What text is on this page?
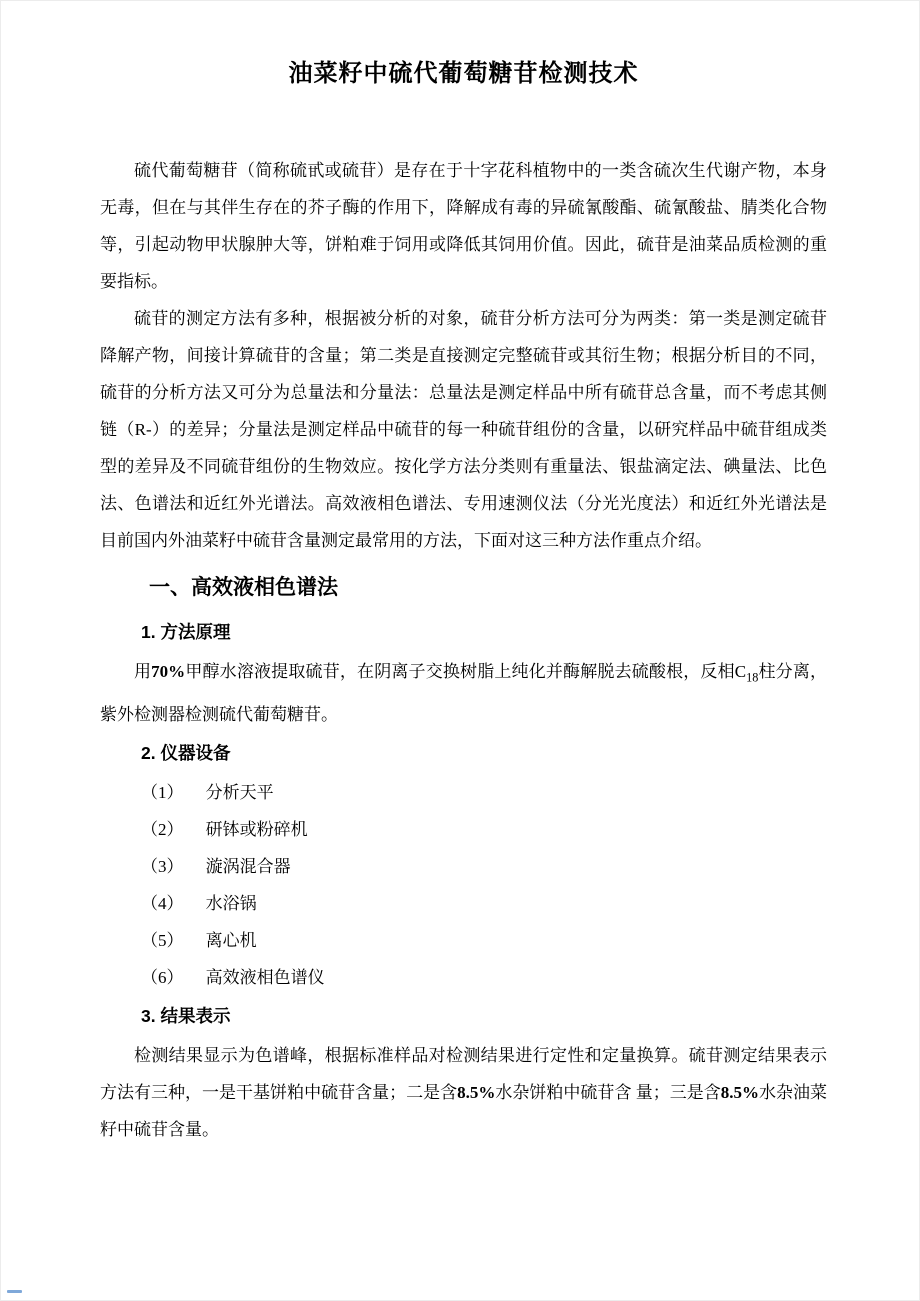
油菜籽中硫代葡萄糖苷检测技术

硫代葡萄糖苷（简称硫甙或硫苷）是存在于十字花科植物中的一类含硫次生代谢产物，本身无毒，但在与其伴生存在的芥子酶的作用下，降解成有毒的异硫氰酸酯、硫氰酸盐、腈类化合物等，引起动物甲状腺肿大等，饼粕难于饲用或降低其饲用价值。因此，硫苷是油菜品质检测的重要指标。

硫苷的测定方法有多种，根据被分析的对象，硫苷分析方法可分为两类：第一类是测定硫苷降解产物，间接计算硫苷的含量；第二类是直接测定完整硫苷或其衍生物；根据分析目的不同，硫苷的分析方法又可分为总量法和分量法：总量法是测定样品中所有硫苷总含量，而不考虑其侧链（R-）的差异；分量法是测定样品中硫苷的每一种硫苷组份的含量，以研究样品中硫苷组成类型的差异及不同硫苷组份的生物效应。按化学方法分类则有重量法、银盐滴定法、碘量法、比色法、色谱法和近红外光谱法。高效液相色谱法、专用速测仪法（分光光度法）和近红外光谱法是目前国内外油菜籽中硫苷含量测定最常用的方法，下面对这三种方法作重点介绍。

一、高效液相色谱法
1. 方法原理

用70%甲醇水溶液提取硫苷，在阴离子交换树脂上纯化并酶解脱去硫酸根，反相$C_{18}$柱分离，紫外检测器检测硫代葡萄糖苷。

2. 仪器设备
（1） 分析天平
（2） 研钵或粉碎机
（3） 漩涡混合器
（4） 水浴锅
（5） 离心机
（6） 高效液相色谱仪
3. 结果表示

检测结果显示为色谱峰，根据标准样品对检测结果进行定性和定量换算。硫苷测定结果表示方法有三种，一是干基饼粕中硫苷含量；二是含8.5%水杂饼粕中硫苷含 量；三是含8.5%水杂油菜籽中硫苷含量。
